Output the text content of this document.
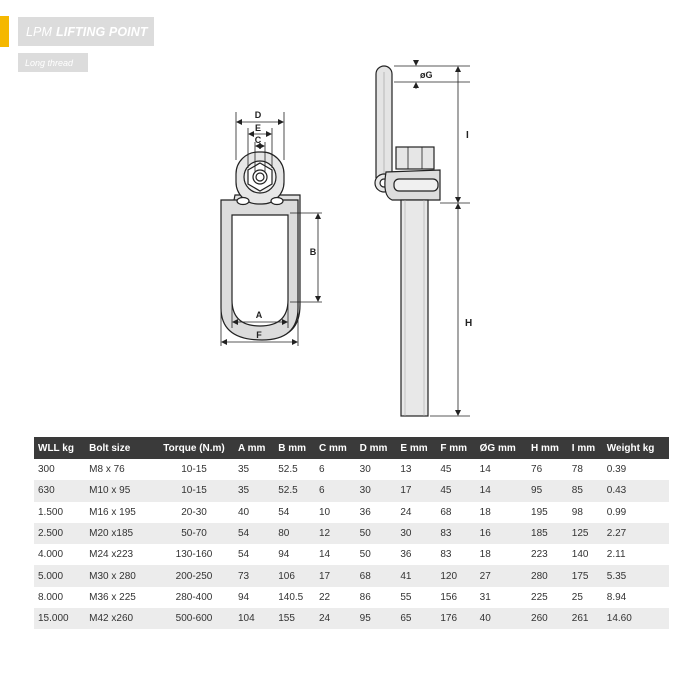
LPM LIFTING POINT
Long thread
D
E
C
B
A
F
øG
I
H
WLL kg	Bolt size	Torque (N.m)	A mm	B mm	C mm	D mm	E mm	F mm	ØG mm	H mm	I mm	Weight kg
300	M8 x 76	10-15	35	52.5	6	30	13	45	14	76	78	0.39
630	M10 x 95	10-15	35	52.5	6	30	17	45	14	95	85	0.43
1.500	M16 x 195	20-30	40	54	10	36	24	68	18	195	98	0.99
2.500	M20 x185	50-70	54	80	12	50	30	83	16	185	125	2.27
4.000	M24 x223	130-160	54	94	14	50	36	83	18	223	140	2.11
5.000	M30 x 280	200-250	73	106	17	68	41	120	27	280	175	5.35
8.000	M36 x 225	280-400	94	140.5	22	86	55	156	31	225	25	8.94
15.000	M42 x260	500-600	104	155	24	95	65	176	40	260	261	14.60
